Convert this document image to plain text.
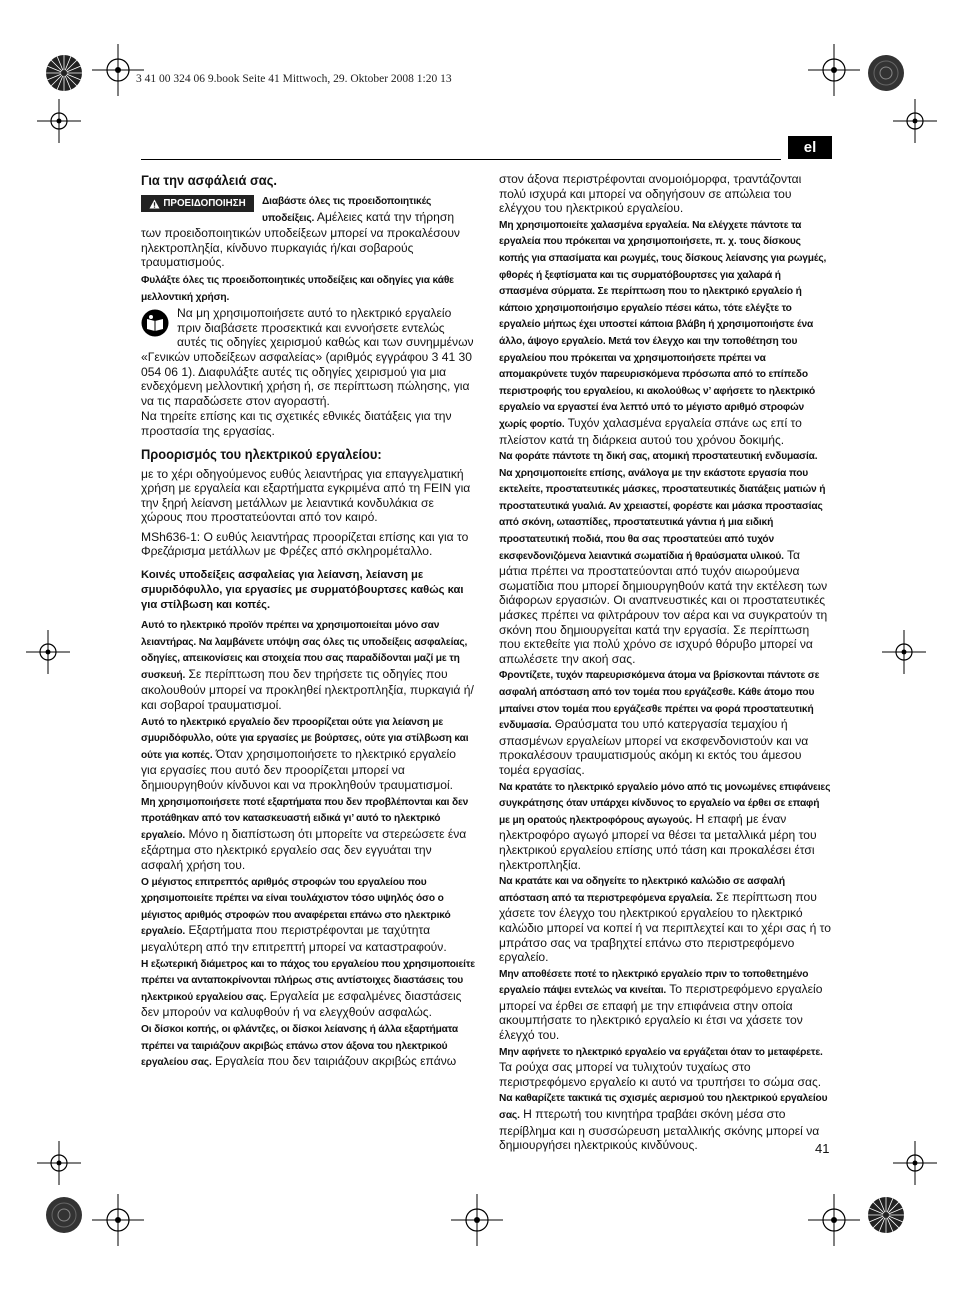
3 41 00 324 06 9.book Seite 41 Mittwoch, 29. Oktober 2008 1:20 13
el
Για την ασφάλειά σας.
ΠΡΟΕΙΔΟΠΟΙΗΣΗ	Διαβάστε όλες τις προειδοποιητικές υποδείξεις. Αμέλειες κατά την τήρηση των προειδοποιητικών υποδείξεων μπορεί να προκαλέσουν ηλεκτροπληξία, κίνδυνο πυρκαγιάς ή/και σοβαρούς τραυματισμούς.

Φυλάξτε όλες τις προειδοποιητικές υποδείξεις και οδηγίες για κάθε μελλοντική χρήση.

Να μη χρησιμοποιήσετε αυτό το ηλεκτρικό εργαλείο πριν διαβάσετε προσεκτικά και εννοήσετε εντελώς αυτές τις οδηγίες χειρισμού καθώς και των συνημμένων «Γενικών υποδείξεων ασφαλείας» (αριθμός εγγράφου 3 41 30 054 06 1). Διαφυλάξτε αυτές τις οδηγίες χειρισμού για μια ενδεχόμενη μελλοντική χρήση ή, σε περίπτωση πώλησης, για να τις παραδώσετε στον αγοραστή.

Να τηρείτε επίσης και τις σχετικές εθνικές διατάξεις για την προστασία της εργασίας.

Προορισμός του ηλεκτρικού εργαλείου:

με το χέρι οδηγούμενος ευθύς λειαντήρας για επαγγελματική χρήση με εργαλεία και εξαρτήματα εγκριμένα από τη FEIN για την ξηρή λείανση μετάλλων με λειαντικά κονδυλάκια σε χώρους που προστατεύονται από τον καιρό.

MSh636-1: Ο ευθύς λειαντήρας προορίζεται επίσης και για το Φρεζάρισμα μετάλλων με Φρέζες από σκληρομέταλλο.

Κοινές υποδείξεις ασφαλείας για λείανση, λείανση με σμυριδόφυλλο, για εργασίες με συρματόβουρτσες καθώς και για στίλβωση και κοπές.

Αυτό το ηλεκτρικό προϊόν πρέπει να χρησιμοποιείται μόνο σαν λειαντήρας. Να λαμβάνετε υπόψη σας όλες τις υποδείξεις ασφαλείας, οδηγίες, απεικονίσεις και στοιχεία που σας παραδίδονται μαζί με τη συσκευή. Σε περίπτωση που δεν τηρήσετε τις οδηγίες που ακολουθούν μπορεί να προκληθεί ηλεκτροπληξία, πυρκαγιά ή/και σοβαροί τραυματισμοί.

Αυτό το ηλεκτρικό εργαλείο δεν προορίζεται ούτε για λείανση με σμυριδόφυλλο, ούτε για εργασίες με βούρτσες, ούτε για στίλβωση και ούτε για κοπές. Όταν χρησιμοποιήσετε το ηλεκτρικό εργαλείο για εργασίες που αυτό δεν προορίζεται μπορεί να δημιουργηθούν κίνδυνοι και να προκληθούν τραυματισμοί.

Μη χρησιμοποιήσετε ποτέ εξαρτήματα που δεν προβλέπονται και δεν προτάθηκαν από τον κατασκευαστή ειδικά γι’ αυτό το ηλεκτρικό εργαλείο. Μόνο η διαπίστωση ότι μπορείτε να στερεώσετε ένα εξάρτημα στο ηλεκτρικό εργαλείο σας δεν εγγυάται την ασφαλή χρήση του.

Ο μέγιστος επιτρεπτός αριθμός στροφών του εργαλείου που χρησιμοποιείτε πρέπει να είναι τουλάχιστον τόσο υψηλός όσο ο μέγιστος αριθμός στροφών που αναφέρεται επάνω στο ηλεκτρικό εργαλείο. Εξαρτήματα που περιστρέφονται με ταχύτητα μεγαλύτερη από την επιτρεπτή μπορεί να καταστραφούν.

Η εξωτερική διάμετρος και το πάχος του εργαλείου που χρησιμοποιείτε πρέπει να ανταποκρίνονται πλήρως στις αντίστοιχες διαστάσεις του ηλεκτρικού εργαλείου σας. Εργαλεία με εσφαλμένες διαστάσεις δεν μπορούν να καλυφθούν ή να ελεγχθούν ασφαλώς.

Οι δίσκοι κοπής, οι φλάντζες, οι δίσκοι λείανσης ή άλλα εξαρτήματα πρέπει να ταιριάζουν ακριβώς επάνω στον άξονα του ηλεκτρικού εργαλείου σας. Εργαλεία που δεν ταιριάζουν ακριβώς επάνω

στον άξονα περιστρέφονται ανομοιόμορφα, τραντάζονται πολύ ισχυρά και μπορεί να οδηγήσουν σε απώλεια του ελέγχου του ηλεκτρικού εργαλείου.

Μη χρησιμοποιείτε χαλασμένα εργαλεία. Να ελέγχετε πάντοτε τα εργαλεία που πρόκειται να χρησιμοποιήσετε, π. χ. τους δίσκους κοπής για σπασίματα και ρωγμές, τους δίσκους λείανσης για ρωγμές, φθορές ή ξεφτίσματα και τις συρματόβουρτσες για χαλαρά ή σπασμένα σύρματα. Σε περίπτωση που το ηλεκτρικό εργαλείο ή κάποιο χρησιμοποιήσιμο εργαλείο πέσει κάτω, τότε ελέγξτε το εργαλείο μήπως έχει υποστεί κάποια βλάβη ή χρησιμοποιήστε ένα άλλο, άψογο εργαλείο. Μετά τον έλεγχο και την τοποθέτηση του εργαλείου που πρόκειται να χρησιμοποιήσετε πρέπει να απομακρύνετε τυχόν παρευρισκόμενα πρόσωπα από το επίπεδο περιστροφής του εργαλείου, κι ακολούθως ν’ αφήσετε το ηλεκτρικό εργαλείο να εργαστεί ένα λεπτό υπό το μέγιστο αριθμό στροφών χωρίς φορτίο. Τυχόν χαλασμένα εργαλεία σπάνε ως επί το πλείστον κατά τη διάρκεια αυτού του χρόνου δοκιμής.

Να φοράτε πάντοτε τη δική σας, ατομική προστατευτική ενδυμασία. Να χρησιμοποιείτε επίσης, ανάλογα με την εκάστοτε εργασία που εκτελείτε, προστατευτικές μάσκες, προστατευτικές διατάξεις ματιών ή προστατευτικά γυαλιά. Αν χρειαστεί, φορέστε και μάσκα προστασίας από σκόνη, ωτασπίδες, προστατευτικά γάντια ή μια ειδική προστατευτική ποδιά, που θα σας προστατεύει από τυχόν εκσφενδονιζόμενα λειαντικά σωματίδια ή θραύσματα υλικού. Τα μάτια πρέπει να προστατεύονται από τυχόν αιωρούμενα σωματίδια που μπορεί δημιουργηθούν κατά την εκτέλεση των διάφορων εργασιών. Οι αναπνευστικές και οι προστατευτικές μάσκες πρέπει να φιλτράρουν τον αέρα και να συγκρατούν τη σκόνη που δημιουργείται κατά την εργασία. Σε περίπτωση που εκτεθείτε για πολύ χρόνο σε ισχυρό θόρυβο μπορεί να απωλέσετε την ακοή σας.

Φροντίζετε, τυχόν παρευρισκόμενα άτομα να βρίσκονται πάντοτε σε ασφαλή απόσταση από τον τομέα που εργάζεσθε. Κάθε άτομο που μπαίνει στον τομέα που εργάζεσθε πρέπει να φορά προστατευτική ενδυμασία. Θραύσματα του υπό κατεργασία τεμαχίου ή σπασμένων εργαλείων μπορεί να εκσφενδονιστούν και να προκαλέσουν τραυματισμούς ακόμη κι εκτός του άμεσου τομέα εργασίας.

Να κρατάτε το ηλεκτρικό εργαλείο μόνο από τις μονωμένες επιφάνειες συγκράτησης όταν υπάρχει κίνδυνος το εργαλείο να έρθει σε επαφή με μη ορατούς ηλεκτροφόρους αγωγούς. Η επαφή με έναν ηλεκτροφόρο αγωγό μπορεί να θέσει τα μεταλλικά μέρη του ηλεκτρικού εργαλείου επίσης υπό τάση και προκαλέσει έτσι ηλεκτροπληξία.

Να κρατάτε και να οδηγείτε το ηλεκτρικό καλώδιο σε ασφαλή απόσταση από τα περιστρεφόμενα εργαλεία. Σε περίπτωση που χάσετε τον έλεγχο του ηλεκτρικού εργαλείου το ηλεκτρικό καλώδιο μπορεί να κοπεί ή να περιπλεχτεί και το χέρι σας ή το μπράτσο σας να τραβηχτεί επάνω στο περιστρεφόμενο εργαλείο.

Μην αποθέσετε ποτέ το ηλεκτρικό εργαλείο πριν το τοποθετημένο εργαλείο πάψει εντελώς να κινείται. Το περιστρεφόμενο εργαλείο μπορεί να έρθει σε επαφή με την επιφάνεια στην οποία ακουμπήσατε το ηλεκτρικό εργαλείο κι έτσι να χάσετε τον έλεγχό του.

Μην αφήνετε το ηλεκτρικό εργαλείο να εργάζεται όταν το μεταφέρετε. Τα ρούχα σας μπορεί να τυλιχτούν τυχαίως στο περιστρεφόμενο εργαλείο κι αυτό να τρυπήσει το σώμα σας.

Να καθαρίζετε τακτικά τις σχισμές αερισμού του ηλεκτρικού εργαλείου σας. Η πτερωτή του κινητήρα τραβάει σκόνη μέσα στο περίβλημα και η συσσώρευση μεταλλικής σκόνης μπορεί να δημιουργήσει ηλεκτρικούς κινδύνους.	41
